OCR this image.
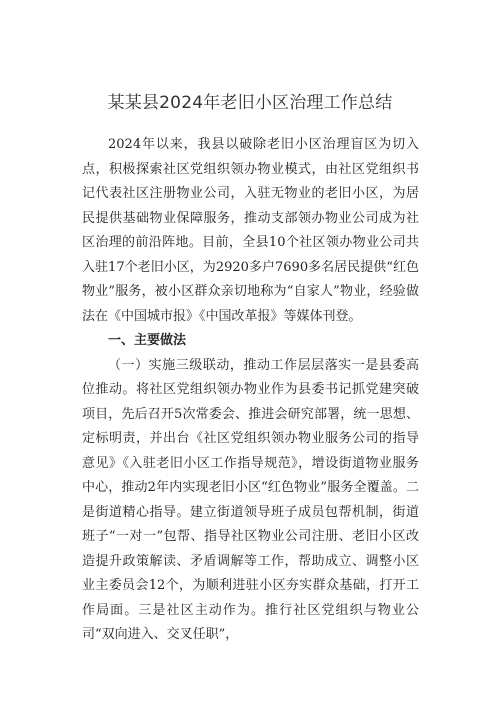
某某县2024年老旧小区治理工作总结

2024年以来，我县以破除老旧小区治理盲区为切入点，积极探索社区党组织领办物业模式，由社区党组织书记代表社区注册物业公司，入驻无物业的老旧小区，为居民提供基础物业保障服务，推动支部领办物业公司成为社区治理的前沿阵地。目前，全县10个社区领办物业公司共入驻17个老旧小区，为2920多户7690多名居民提供“红色物业”服务，被小区群众亲切地称为“自家人”物业，经验做法在《中国城市报》《中国改革报》等媒体刊登。

一、主要做法

（一）实施三级联动，推动工作层层落实一是县委高位推动。将社区党组织领办物业作为县委书记抓党建突破项目，先后召开5次常委会、推进会研究部署，统一思想、定标明责，并出台《社区党组织领办物业服务公司的指导意见》《入驻老旧小区工作指导规范》，增设街道物业服务中心，推动2年内实现老旧小区“红色物业”服务全覆盖。二是街道精心指导。建立街道领导班子成员包帮机制，街道班子“一对一”包帮、指导社区物业公司注册、老旧小区改造提升政策解读、矛盾调解等工作，帮助成立、调整小区业主委员会12个，为顺利进驻小区夯实群众基础，打开工作局面。三是社区主动作为。推行社区党组织与物业公司“双向进入、交叉任职”，
